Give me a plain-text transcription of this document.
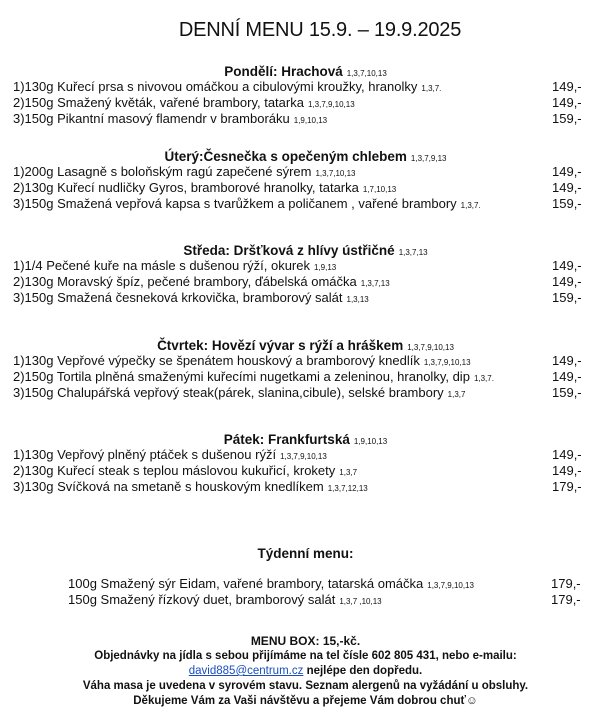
DENNÍ MENU 15.9. – 19.9.2025
Pondělí: Hrachová 1,3,7,10,13
1)130g Kuřecí prsa s nivovou omáčkou a cibulovými kroužky, hranolky 1,3,7.	149,-
2)150g Smažený květák, vařené brambory, tatarka 1,3,7,9,10,13	149,-
3)150g Pikantní masový flamendr v bramboráku 1,9,10,13	159,-
Úterý:Česnečka s opečeným chlebem 1,3,7,9,13
1)200g Lasagně s boloňským ragú zapečené sýrem 1,3,7,10,13	149,-
2)130g Kuřecí nudličky Gyros, bramborové hranolky, tatarka 1,7,10,13	149,-
3)150g Smažená vepřová kapsa s tvarůžkem a poličanem , vařené brambory 1,3,7.	159,-
Středa: Dršťková z hlívy ústřičné 1,3,7,13
1)1/4 Pečené kuře na másle s dušenou rýží, okurek 1,9,13	149,-
2)130g Moravský špíz, pečené brambory, ďábelská omáčka 1,3,7,13	149,-
3)150g Smažená česneková krkovička, bramborový salát 1,3,13	159,-
Čtvrtek: Hovězí vývar s rýží a hráškem 1,3,7,9,10,13
1)130g Vepřové výpečky se špenátem houskový a bramborový knedlík 1,3,7,9,10,13	149,-
2)150g Tortila plněná smaženými kuřecími nugetkami a zeleninou, hranolky, dip 1,3,7.	149,-
3)150g Chalupářská vepřový steak(párek, slanina,cibule), selské brambory 1,3,7	159,-
Pátek: Frankfurtská 1,9,10,13
1)130g Vepřový plněný ptáček s dušenou rýží 1,3,7,9,10,13	149,-
2)130g Kuřecí steak s teplou máslovou kukuřicí, krokety 1,3,7	149,-
3)130g Svíčková na smetaně s houskovým knedlíkem 1,3,7,12,13	179,-
Týdenní menu:
100g Smažený sýr Eidam, vařené brambory, tatarská omáčka 1,3,7,9,10,13	179,-
150g Smažený řízkový duet, bramborový salát 1,3,7 ,10,13	179,-
MENU BOX: 15,-kč.
Objednávky na jídla s sebou přijímáme na tel čísle 602 805 431, nebo e-mailu:
david885@centrum.cz nejlépe den dopředu.
Váha masa je uvedena v syrovém stavu. Seznam alergenů na vyžádání u obsluhy.
Děkujeme Vám za Vaši návštěvu a přejeme Vám dobrou chuť☺
